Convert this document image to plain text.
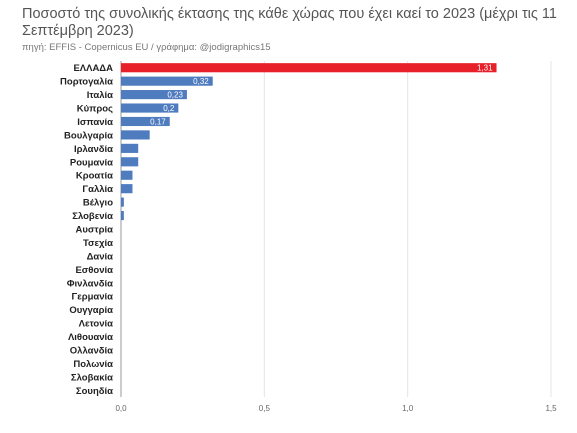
Ποσοστό της συνολικής έκτασης της κάθε χώρας που έχει καεί το 2023 (μέχρι τις 11 Σεπτέμβρη 2023)

πηγή: EFFIS - Copernicus EU / γράφημα: @jodigraphics15

0,0	0,5	1,0	1,5
ΕΛΛΑΔΑ	1,31
Πορτογαλία	0,32
Ιταλία	0,23
Κύπρος	0,2
Ισπανία	0,17
Βουλγαρία
Ιρλανδία
Ρουμανία
Κροατία
Γαλλία
Βέλγιο
Σλοβενία
Αυστρία
Τσεχία
Δανία
Εσθονία
Φινλανδία
Γερμανία
Ουγγαρία
Λετονία
Λιθουανία
Ολλανδία
Πολωνία
Σλοβακία
Σουηδία
